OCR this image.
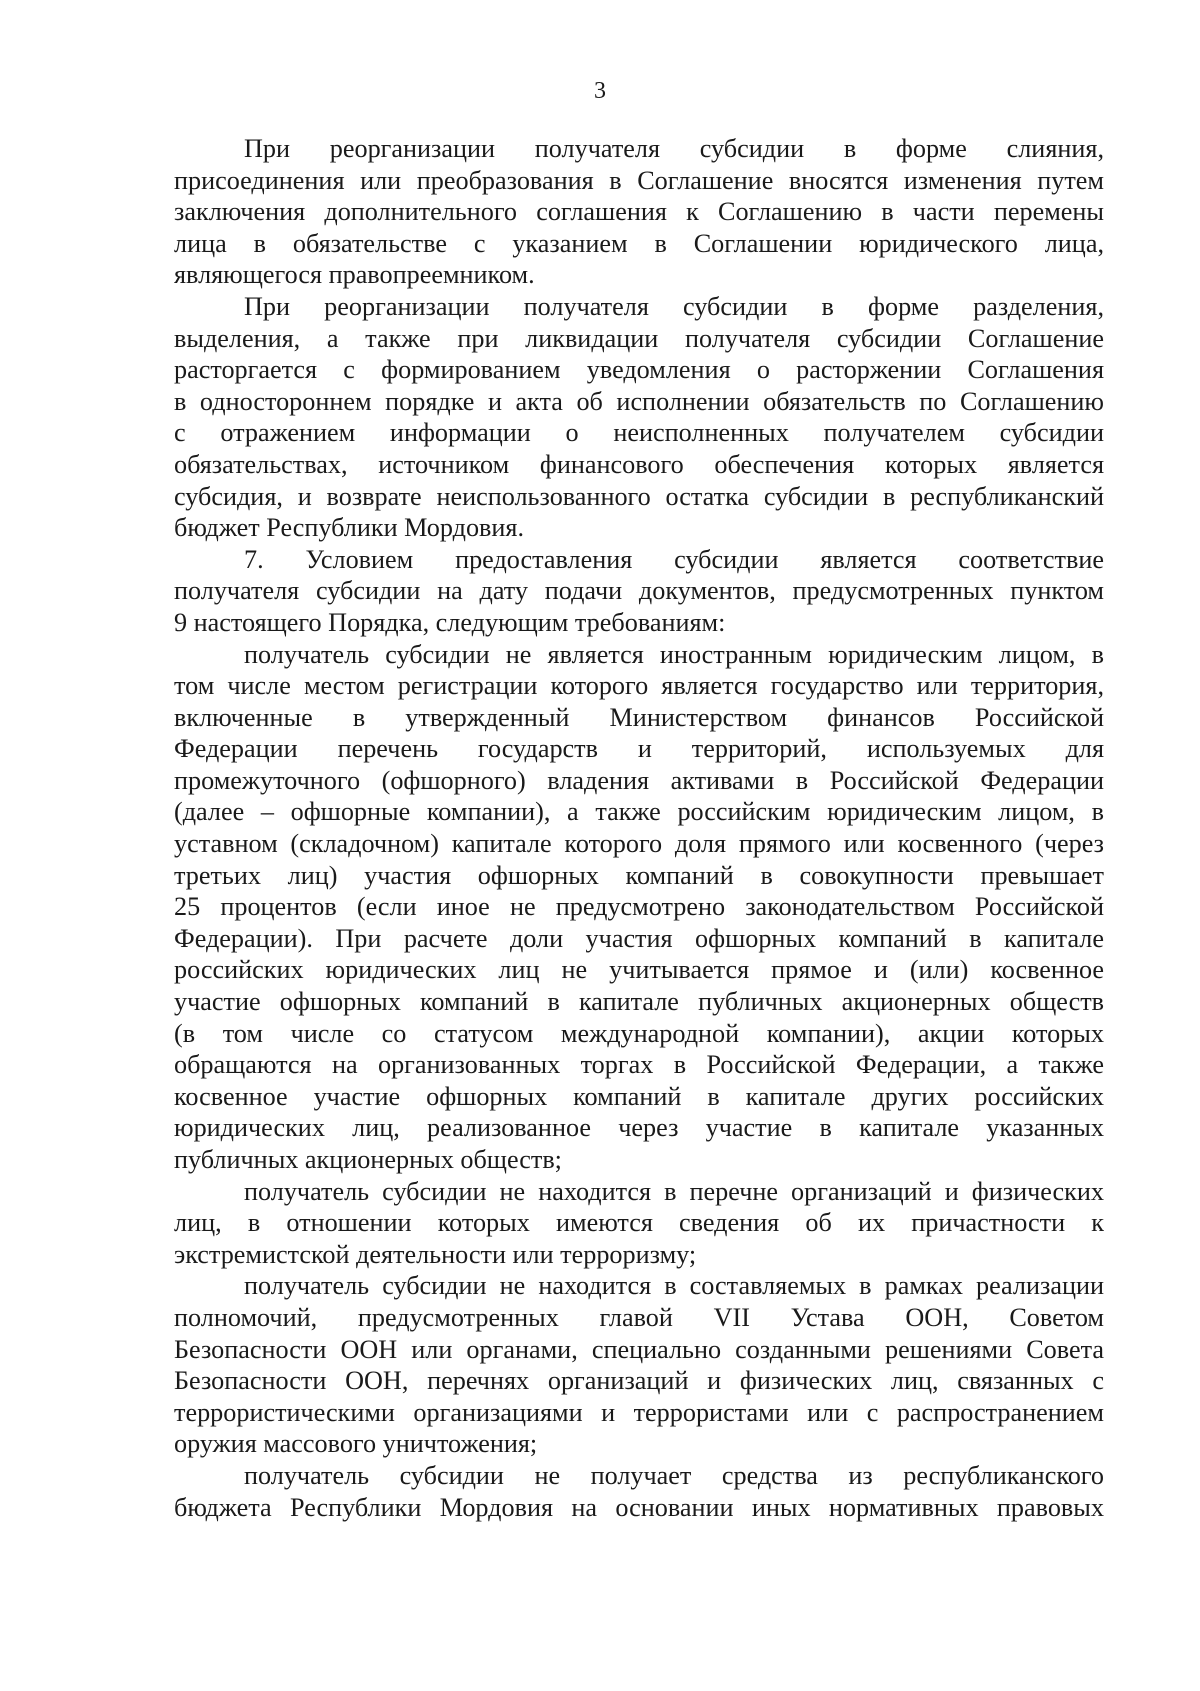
3
При реорганизации получателя субсидии в форме слияния,
присоединения или преобразования в Соглашение вносятся изменения путем
заключения дополнительного соглашения к Соглашению в части перемены
лица в обязательстве с указанием в Соглашении юридического лица,
являющегося правопреемником.
При реорганизации получателя субсидии в форме разделения,
выделения, а также при ликвидации получателя субсидии Соглашение
расторгается с формированием уведомления о расторжении Соглашения
в одностороннем порядке и акта об исполнении обязательств по Соглашению
с отражением информации о неисполненных получателем субсидии
обязательствах, источником финансового обеспечения которых является
субсидия, и возврате неиспользованного остатка субсидии в республиканский
бюджет Республики Мордовия.
7. Условием предоставления субсидии является соответствие
получателя субсидии на дату подачи документов, предусмотренных пунктом
9 настоящего Порядка, следующим требованиям:
получатель субсидии не является иностранным юридическим лицом, в
том числе местом регистрации которого является государство или территория,
включенные в утвержденный Министерством финансов Российской
Федерации перечень государств и территорий, используемых для
промежуточного (офшорного) владения активами в Российской Федерации
(далее – офшорные компании), а также российским юридическим лицом, в
уставном (складочном) капитале которого доля прямого или косвенного (через
третьих лиц) участия офшорных компаний в совокупности превышает
25 процентов (если иное не предусмотрено законодательством Российской
Федерации). При расчете доли участия офшорных компаний в капитале
российских юридических лиц не учитывается прямое и (или) косвенное
участие офшорных компаний в капитале публичных акционерных обществ
(в том числе со статусом международной компании), акции которых
обращаются на организованных торгах в Российской Федерации, а также
косвенное участие офшорных компаний в капитале других российских
юридических лиц, реализованное через участие в капитале указанных
публичных акционерных обществ;
получатель субсидии не находится в перечне организаций и физических
лиц, в отношении которых имеются сведения об их причастности к
экстремистской деятельности или терроризму;
получатель субсидии не находится в составляемых в рамках реализации
полномочий, предусмотренных главой VII Устава ООН, Советом
Безопасности ООН или органами, специально созданными решениями Совета
Безопасности ООН, перечнях организаций и физических лиц, связанных с
террористическими организациями и террористами или с распространением
оружия массового уничтожения;
получатель субсидии не получает средства из республиканского
бюджета Республики Мордовия на основании иных нормативных правовых
